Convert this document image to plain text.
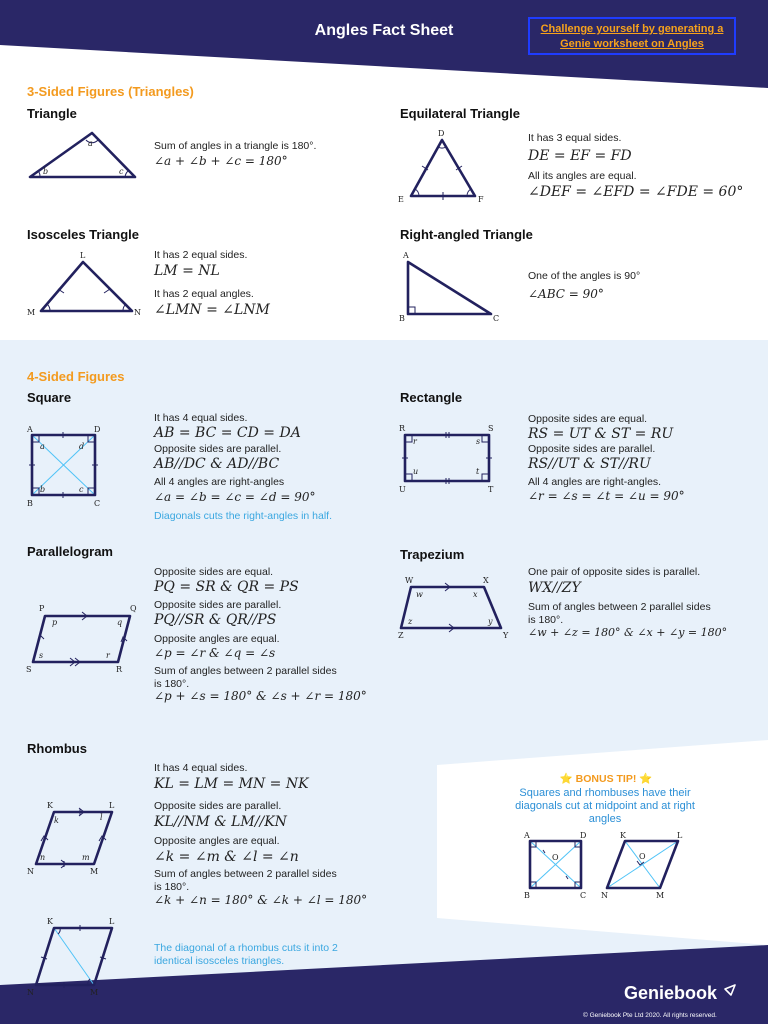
Angles Fact Sheet	Challenge yourself by generating a Genie worksheet on Angles
3-Sided Figures (Triangles)
Triangle
a
b	c
Sum of angles in a triangle is 180°.
∠a + ∠b + ∠c = 180°
Equilateral Triangle
D
E	F
It has 3 equal sides.
DE = EF = FD
All its angles are equal.
∠DEF = ∠EFD = ∠FDE = 60°
Isosceles Triangle
L
M	N
It has 2 equal sides.
LM = NL
It has 2 equal angles.
∠LMN = ∠LNM
Right-angled Triangle
A
B	C
One of the angles is 90°
∠ABC = 90°
4-Sided Figures
Square
A	D
B	C
a	d
b	c
It has 4 equal sides.
AB = BC = CD = DA
Opposite sides are parallel.
AB//DC & AD//BC
All 4 angles are right-angles
∠a = ∠b = ∠c = ∠d = 90°
Diagonals cuts the right-angles in half.
Rectangle
R	S
U	T
r	s
u	t
Opposite sides are equal.
RS = UT & ST = RU
Opposite sides are parallel.
RS//UT & ST//RU
All 4 angles are right-angles.
∠r = ∠s = ∠t = ∠u = 90°
Parallelogram
P	Q
S	R
p	q
s	r
Opposite sides are equal.
PQ = SR & QR = PS
Opposite sides are parallel.
PQ//SR & QR//PS
Opposite angles are equal.
∠p = ∠r & ∠q = ∠s
Sum of angles between 2 parallel sides is 180°.
∠p + ∠s = 180° & ∠s + ∠r = 180°
Trapezium
W	X
Z	Y
w	x
z	y
One pair of opposite sides is parallel.
WX//ZY
Sum of angles between 2 parallel sides is 180°.
∠w + ∠z = 180° & ∠x + ∠y = 180°
Rhombus
K	L
N	M
k	l
n	m
It has 4 equal sides.
KL = LM = MN = NK
Opposite sides are parallel.
KL//NM & LM//KN
Opposite angles are equal.
∠k = ∠m & ∠l = ∠n
Sum of angles between 2 parallel sides is 180°.
∠k + ∠n = 180° & ∠k + ∠l = 180°
K	L
N	M
The diagonal of a rhombus cuts it into 2 identical isosceles triangles.
⭐ BONUS TIP! ⭐
Squares and rhombuses have their diagonals cut at midpoint and at right angles
A	D
B	C
O
K	L
N	M
O
Geniebook
© Geniebook Pte Ltd 2020. All rights reserved.
